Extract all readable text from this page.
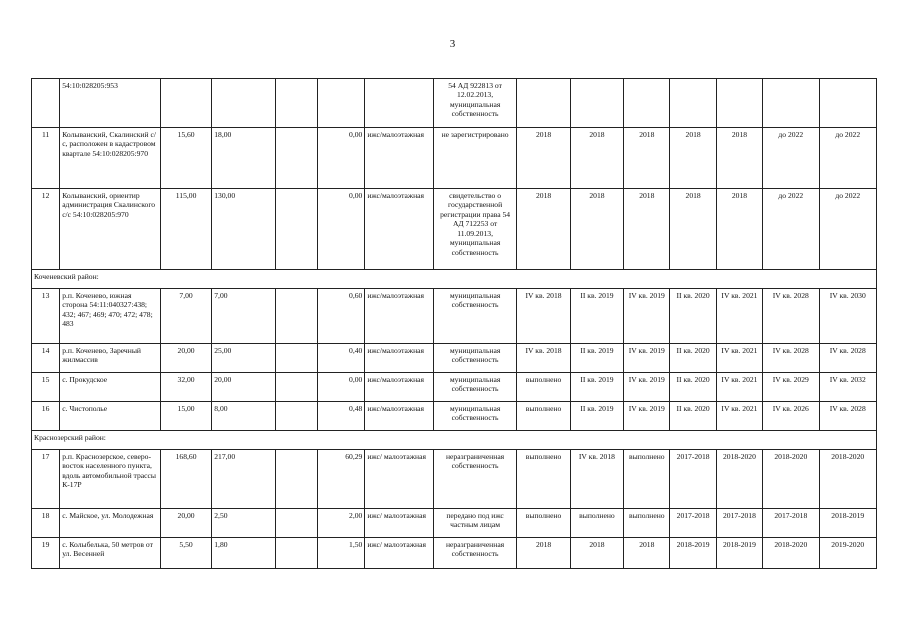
3
	54:10:028205:953						54 АД 922813 от 12.02.2013, муниципальная собственность							
11	Колыванский, Скалинский с/с, расположен в кадастровом квартале 54:10:028205:970	15,60	18,00		0,00	ижс/малоэтажная	не зарегистрировано	2018	2018	2018	2018	2018	до 2022	до 2022
12	Колыванский, ориентир администрация Скалинского с/с 54:10:028205:970	115,00	130,00		0,00	ижс/малоэтажная	свидетельство о государственной регистрации права 54 АД 712253 от 11.09.2013, муниципальная собственность	2018	2018	2018	2018	2018	до 2022	до 2022
Коченевский район:														
13	р.п. Коченево, южная сторона 54:11:040327:438; 432; 467; 469; 470; 472; 478; 483	7,00	7,00		0,60	ижс/малоэтажная	муниципальная собственность	IV кв. 2018	II кв. 2019	IV кв. 2019	II кв. 2020	IV кв. 2021	IV кв. 2028	IV кв. 2030
14	р.п. Коченево, Заречный жилмассив	20,00	25,00		0,40	ижс/малоэтажная	муниципальная собственность	IV кв. 2018	II кв. 2019	IV кв. 2019	II кв. 2020	IV кв. 2021	IV кв. 2028	IV кв. 2028
15	с. Прокудское	32,00	20,00		0,00	ижс/малоэтажная	муниципальная собственность	выполнено	II кв. 2019	IV кв. 2019	II кв. 2020	IV кв. 2021	IV кв. 2029	IV кв. 2032
16	с. Чистополье	15,00	8,00		0,48	ижс/малоэтажная	муниципальная собственность	выполнено	II кв. 2019	IV кв. 2019	II кв. 2020	IV кв. 2021	IV кв. 2026	IV кв. 2028
Краснозерский район:														
17	р.п. Краснозерское, северо-восток населенного пункта, вдоль автомобильной трассы К-17Р	168,60	217,00		60,29	ижс/ малоэтажная	неразграниченная собственность	выполнено	IV кв. 2018	выполнено	2017-2018	2018-2020	2018-2020	2018-2020
18	с. Майское, ул. Молодежная	20,00	2,50		2,00	ижс/ малоэтажная	передано под ижс частным лицам	выполнено	выполнено	выполнено	2017-2018	2017-2018	2017-2018	2018-2019
19	с. Колыбелька, 50 метров от ул. Весенней	5,50	1,80		1,50	ижс/ малоэтажная	неразграниченная собственность	2018	2018	2018	2018-2019	2018-2019	2018-2020	2019-2020
